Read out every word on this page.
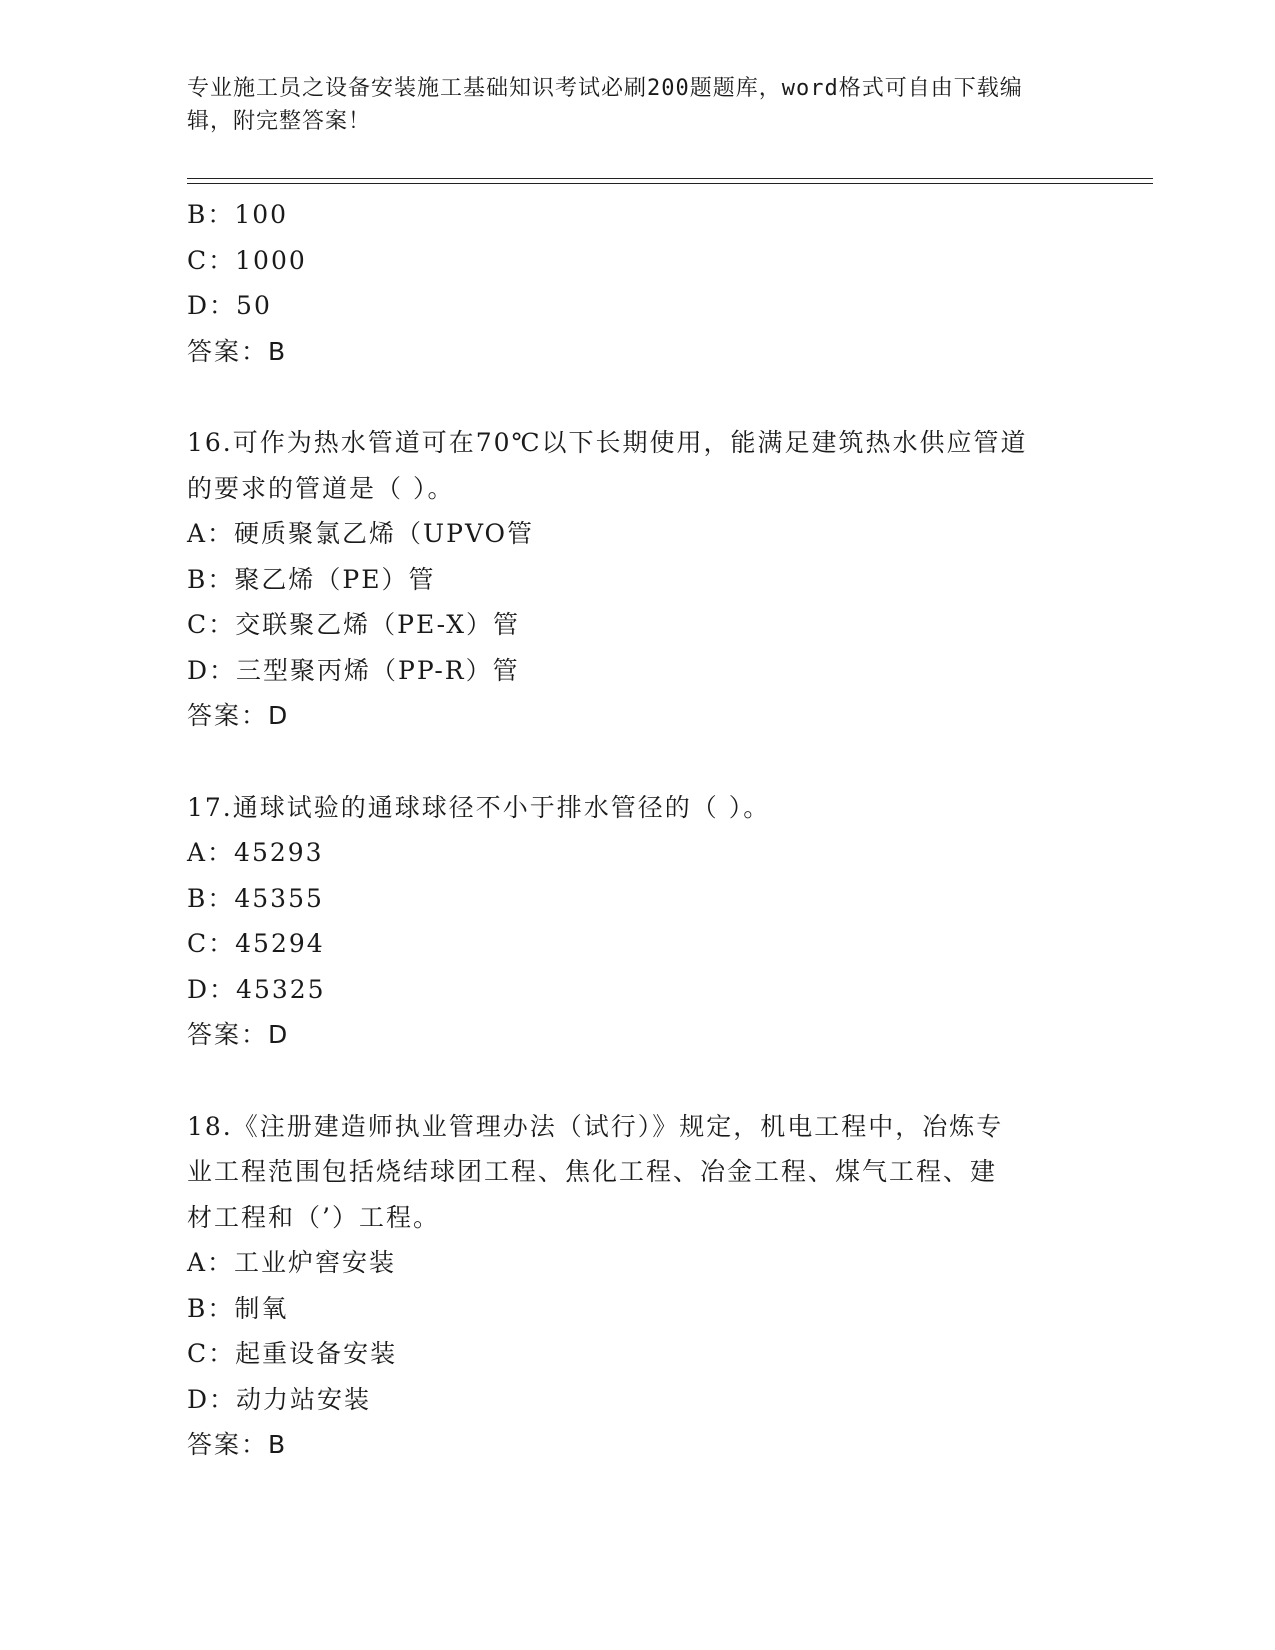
专业施工员之设备安装施工基础知识考试必刷200题题库，word格式可自由下载编辑，附完整答案！
B：100
C：1000
D：50
答案：B
16.可作为热水管道可在70℃以下长期使用，能满足建筑热水供应管道
的要求的管道是（ ）。
A：硬质聚氯乙烯（UPVO管
B：聚乙烯（PE）管
C：交联聚乙烯（PE-X）管
D：三型聚丙烯（PP-R）管
答案：D
17.通球试验的通球球径不小于排水管径的（ ）。
A：45293
B：45355
C：45294
D：45325
答案：D
18.《注册建造师执业管理办法（试行）》规定，机电工程中，冶炼专
业工程范围包括烧结球团工程、焦化工程、冶金工程、煤气工程、建
材工程和（’）工程。
A：工业炉窖安装
B：制氧
C：起重设备安装
D：动力站安装
答案：B
